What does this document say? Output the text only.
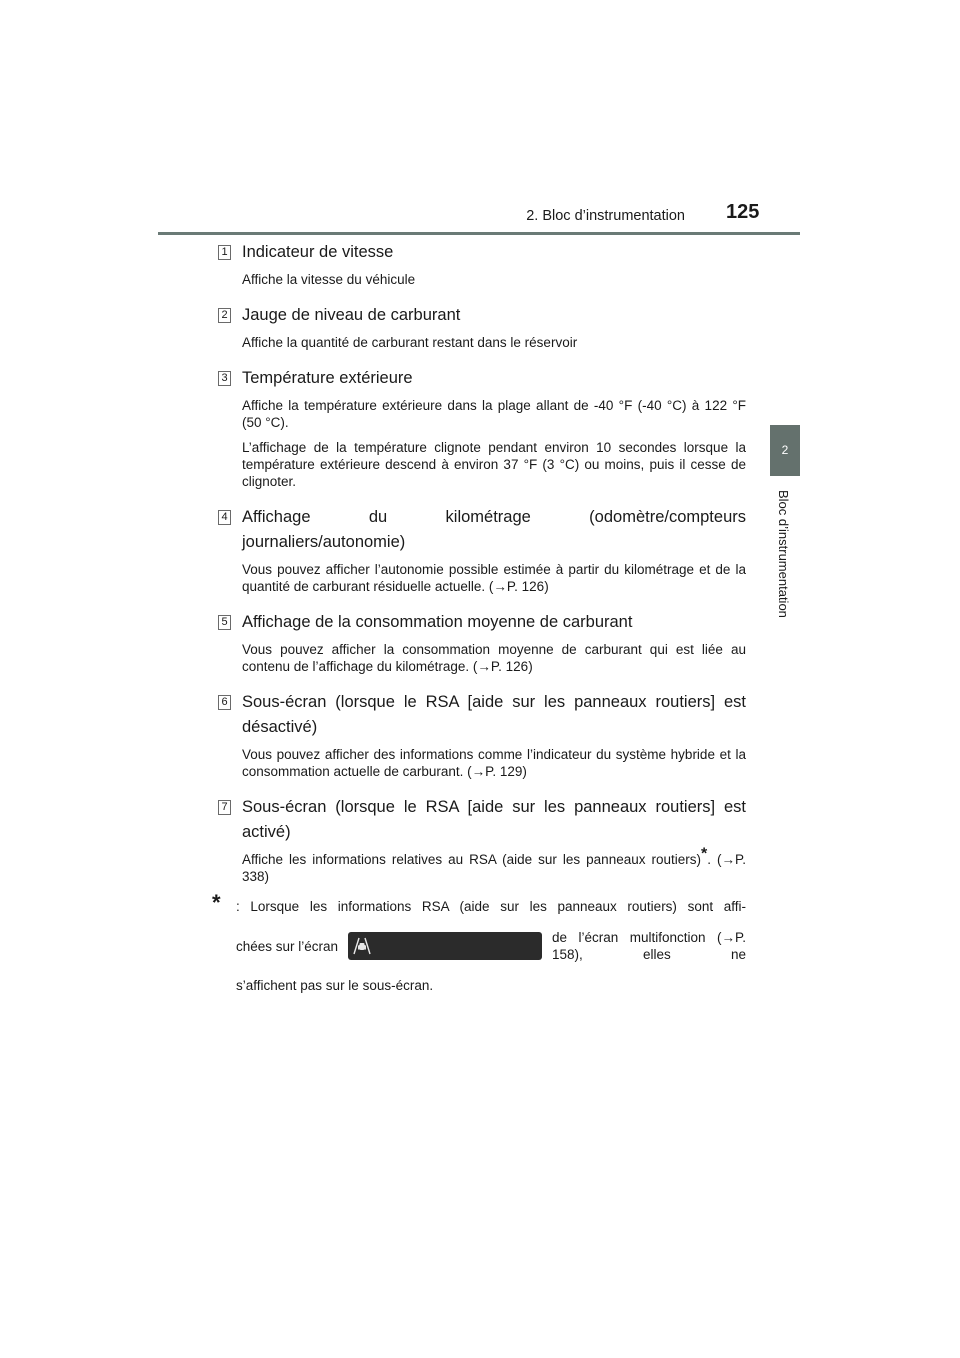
2. Bloc d’instrumentation 125
2
Bloc d’instrumentation
1 Indicateur de vitesse
Affiche la vitesse du véhicule
2 Jauge de niveau de carburant
Affiche la quantité de carburant restant dans le réservoir
3 Température extérieure
Affiche la température extérieure dans la plage allant de -40 °F (-40 °C) à 122 °F (50 °C).
L’affichage de la température clignote pendant environ 10 secondes lorsque la température extérieure descend à environ 37 °F (3 °C) ou moins, puis il cesse de clignoter.
4 Affichage du kilométrage (odomètre/compteurs journaliers/autonomie)
Vous pouvez afficher l’autonomie possible estimée à partir du kilométrage et de la quantité de carburant résiduelle actuelle. (→P. 126)
5 Affichage de la consommation moyenne de carburant
Vous pouvez afficher la consommation moyenne de carburant qui est liée au contenu de l’affichage du kilométrage. (→P. 126)
6 Sous-écran (lorsque le RSA [aide sur les panneaux routiers] est désactivé)
Vous pouvez afficher des informations comme l’indicateur du système hybride et la consommation actuelle de carburant. (→P. 129)
7 Sous-écran (lorsque le RSA [aide sur les panneaux routiers] est activé)
Affiche les informations relatives au RSA (aide sur les panneaux routiers)*. (→P. 338)
* : Lorsque les informations RSA (aide sur les panneaux routiers) sont affi-
chées sur l’écran
de l’écran multifonction (→P. 158), elles ne
s’affichent pas sur le sous-écran.
